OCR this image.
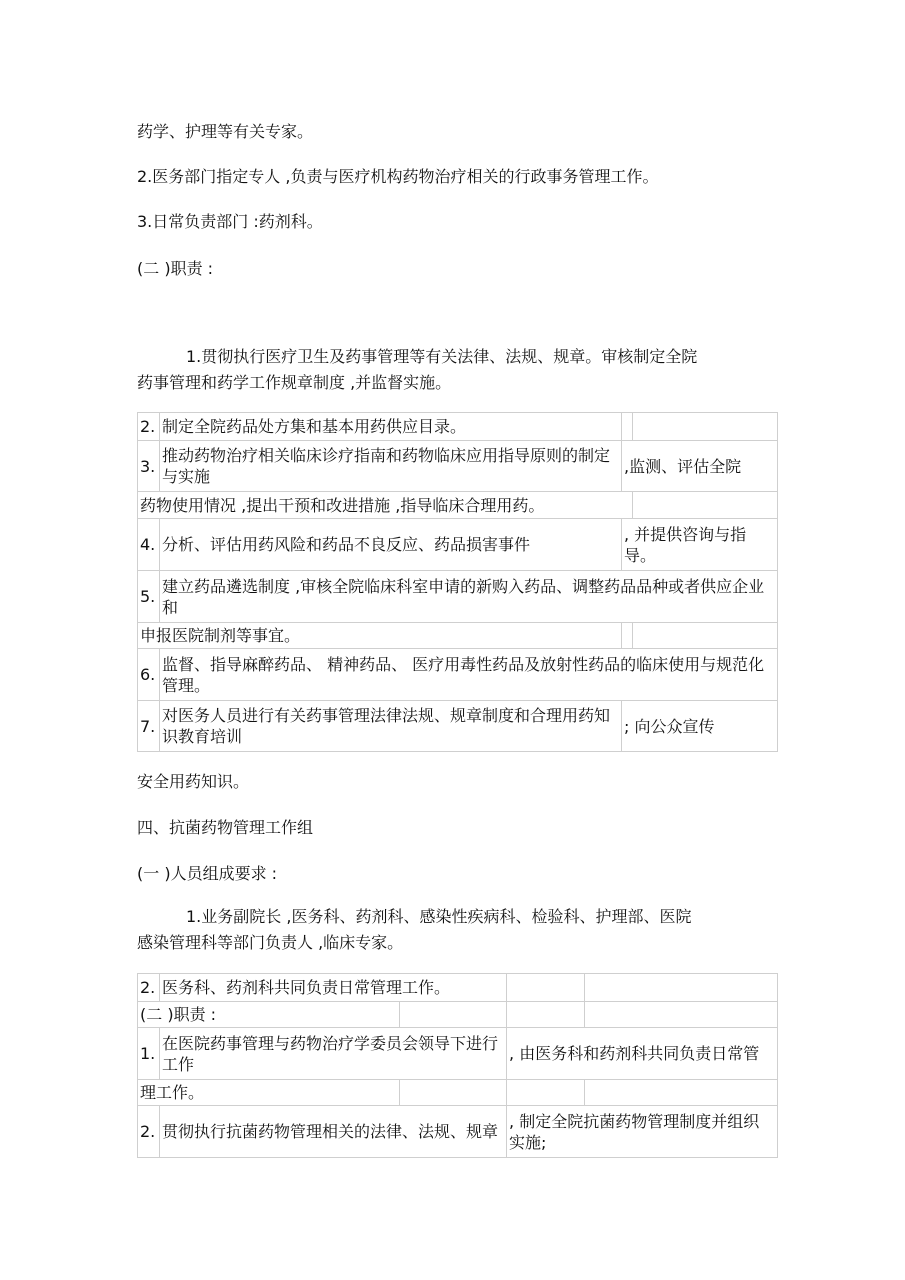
药学、护理等有关专家。
2.医务部门指定专人 ,负责与医疗机构药物治疗相关的行政事务管理工作。
3.日常负责部门 :药剂科。
(二 )职责 :
1.贯彻执行医疗卫生及药事管理等有关法律、法规、规章。审核制定全院
药事管理和药学工作规章制度 ,并监督实施。
2.	制定全院药品处方集和基本用药供应目录。		
3.	推动药物治疗相关临床诊疗指南和药物临床应用指导原则的制定与实施	,监测、评估全院	
药物使用情况 ,提出干预和改进措施 ,指导临床合理用药。			
4.	分析、评估用药风险和药品不良反应、药品损害事件	, 并提供咨询与指导。	
5.	建立药品遴选制度 ,审核全院临床科室申请的新购入药品、调整药品品种或者供应企业和		
申报医院制剂等事宜。			
6.	监督、指导麻醉药品、 精神药品、 医疗用毒性药品及放射性药品的临床使用与规范化管理。		
7.	对医务人员进行有关药事管理法律法规、规章制度和合理用药知识教育培训	; 向公众宣传	
安全用药知识。
四、抗菌药物管理工作组
(一 )人员组成要求 :
1.业务副院长 ,医务科、药剂科、感染性疾病科、检验科、护理部、医院
感染管理科等部门负责人 ,临床专家。
2.	医务科、药剂科共同负责日常管理工作。			
(二 )职责 :				
1.	在医院药事管理与药物治疗学委员会领导下进行工作		, 由医务科和药剂科共同负责日常管	
理工作。				
2.	贯彻执行抗菌药物管理相关的法律、法规、规章		, 制定全院抗菌药物管理制度并组织实施;	
